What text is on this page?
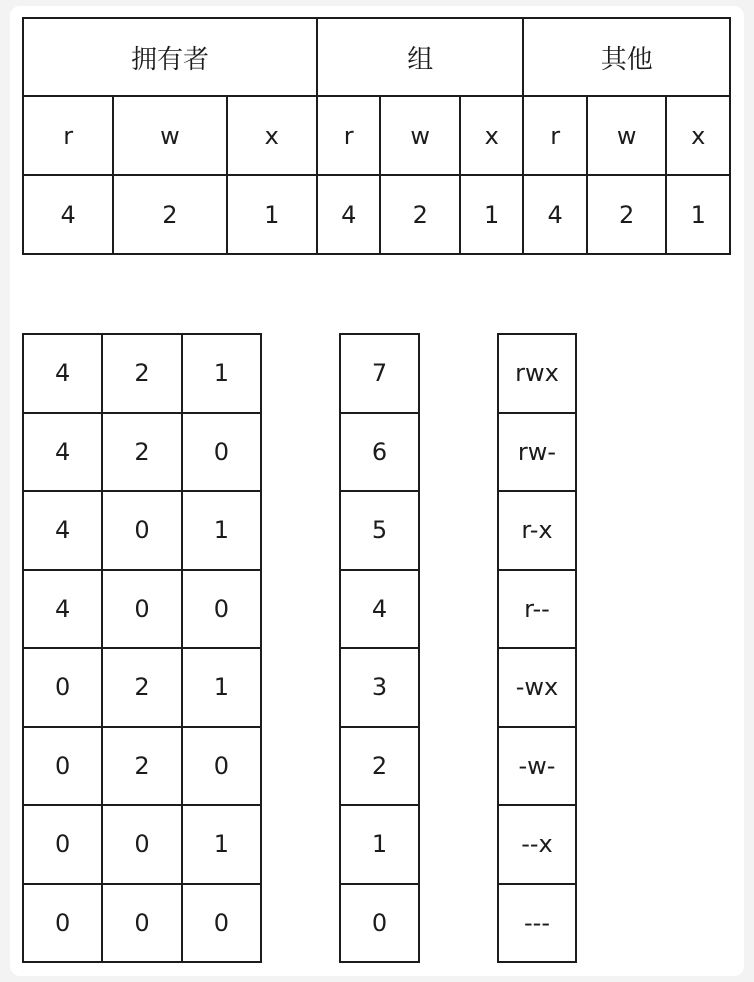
拥有者			组			其他		
r	w	x	r	w	x	r	w	x
4	2	1	4	2	1	4	2	1
4	2	1
4	2	0
4	0	1
4	0	0
0	2	1
0	2	0
0	0	1
0	0	0
7
6
5
4
3
2
1
0
rwx
rw-
r-x
r--
-wx
-w-
--x
---
